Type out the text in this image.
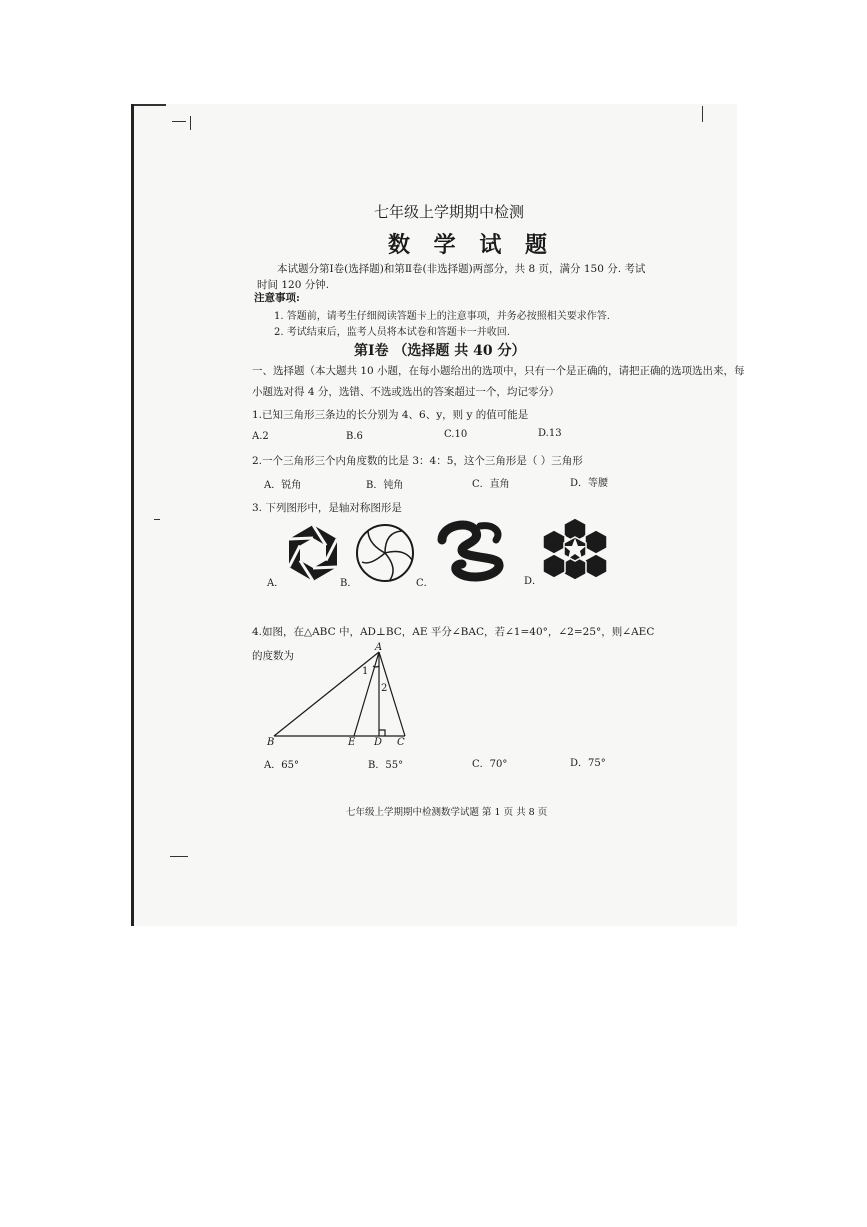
七年级上学期期中检测
数 学 试 题
本试题分第Ⅰ卷(选择题)和第Ⅱ卷(非选择题)两部分，共 8 页，满分 150 分. 考试
时间 120 分钟.
注意事项:
1. 答题前，请考生仔细阅读答题卡上的注意事项，并务必按照相关要求作答.
2. 考试结束后，监考人员将本试卷和答题卡一并收回.
第Ⅰ卷 （选择题 共 40 分）
一、选择题（本大题共 10 小题，在每小题给出的选项中，只有一个是正确的，请把正确的选项选出来，每小题选对得 4 分，选错、不选或选出的答案超过一个，均记零分）
1.已知三角形三条边的长分别为 4、6、y，则 y 的值可能是
A.2	B.6	C.10	D.13
2.一个三角形三个内角度数的比是 3：4：5，这个三角形是（ ）三角形
A．锐角	B．钝角	C．直角	D．等腰
3. 下列图形中，是轴对称图形是
A．	B．	C．	D．
4.如图，在△ABC 中，AD⊥BC，AE 平分∠BAC，若∠1=40°，∠2=25°，则∠AEC
的度数为
A
B	E D C
1
2
A．65°	B．55°	C．70°	D．75°
七年级上学期期中检测数学试题 第 1 页 共 8 页
